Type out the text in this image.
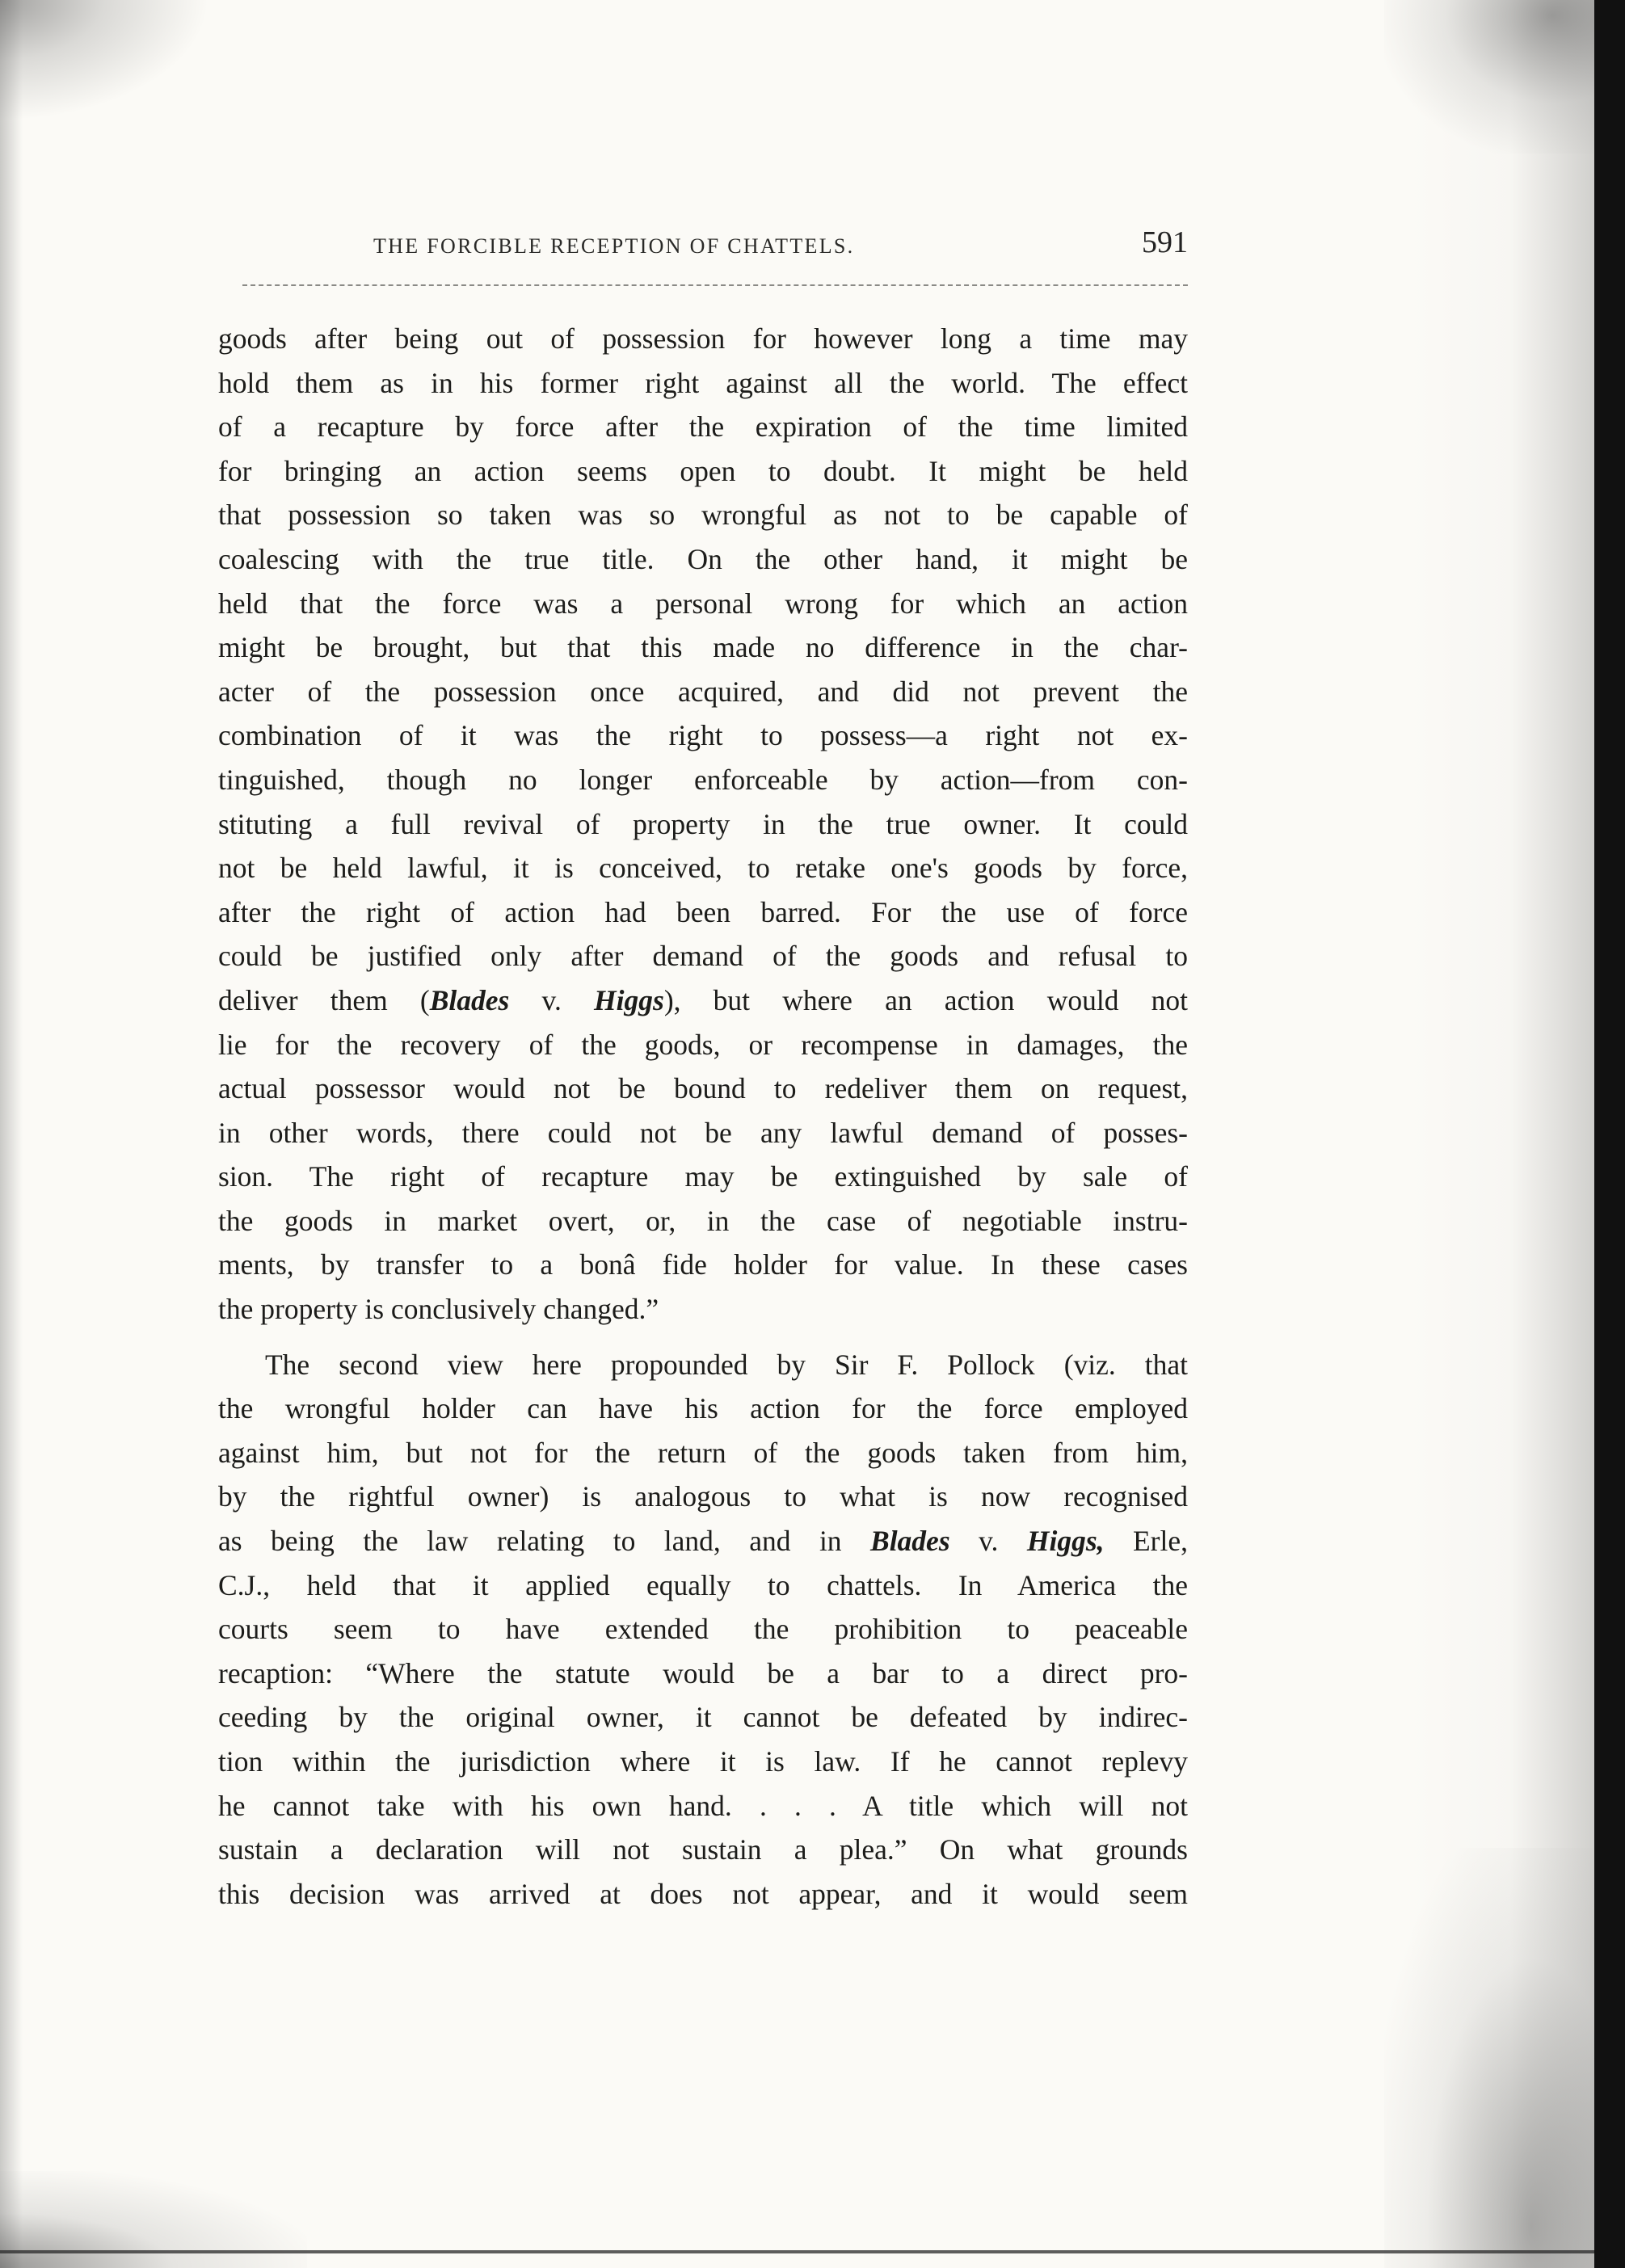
THE FORCIBLE RECEPTION OF CHATTELS.	591
goods after being out of possession for however long a time may
hold them as in his former right against all the world. The effect
of a recapture by force after the expiration of the time limited
for bringing an action seems open to doubt. It might be held
that possession so taken was so wrongful as not to be capable of
coalescing with the true title. On the other hand, it might be
held that the force was a personal wrong for which an action
might be brought, but that this made no difference in the char-
acter of the possession once acquired, and did not prevent the
combination of it was the right to possess—a right not ex-
tinguished, though no longer enforceable by action—from con-
stituting a full revival of property in the true owner. It could
not be held lawful, it is conceived, to retake one's goods by force,
after the right of action had been barred. For the use of force
could be justified only after demand of the goods and refusal to
deliver them (Blades v. Higgs), but where an action would not
lie for the recovery of the goods, or recompense in damages, the
actual possessor would not be bound to redeliver them on request,
in other words, there could not be any lawful demand of posses-
sion. The right of recapture may be extinguished by sale of
the goods in market overt, or, in the case of negotiable instru-
ments, by transfer to a bonâ fide holder for value. In these cases
the property is conclusively changed.”
The second view here propounded by Sir F. Pollock (viz. that
the wrongful holder can have his action for the force employed
against him, but not for the return of the goods taken from him,
by the rightful owner) is analogous to what is now recognised
as being the law relating to land, and in Blades v. Higgs, Erle,
C.J., held that it applied equally to chattels. In America the
courts seem to have extended the prohibition to peaceable
recaption: “Where the statute would be a bar to a direct pro-
ceeding by the original owner, it cannot be defeated by indirec-
tion within the jurisdiction where it is law. If he cannot replevy
he cannot take with his own hand. . . . A title which will not
sustain a declaration will not sustain a plea.” On what grounds
this decision was arrived at does not appear, and it would seem
